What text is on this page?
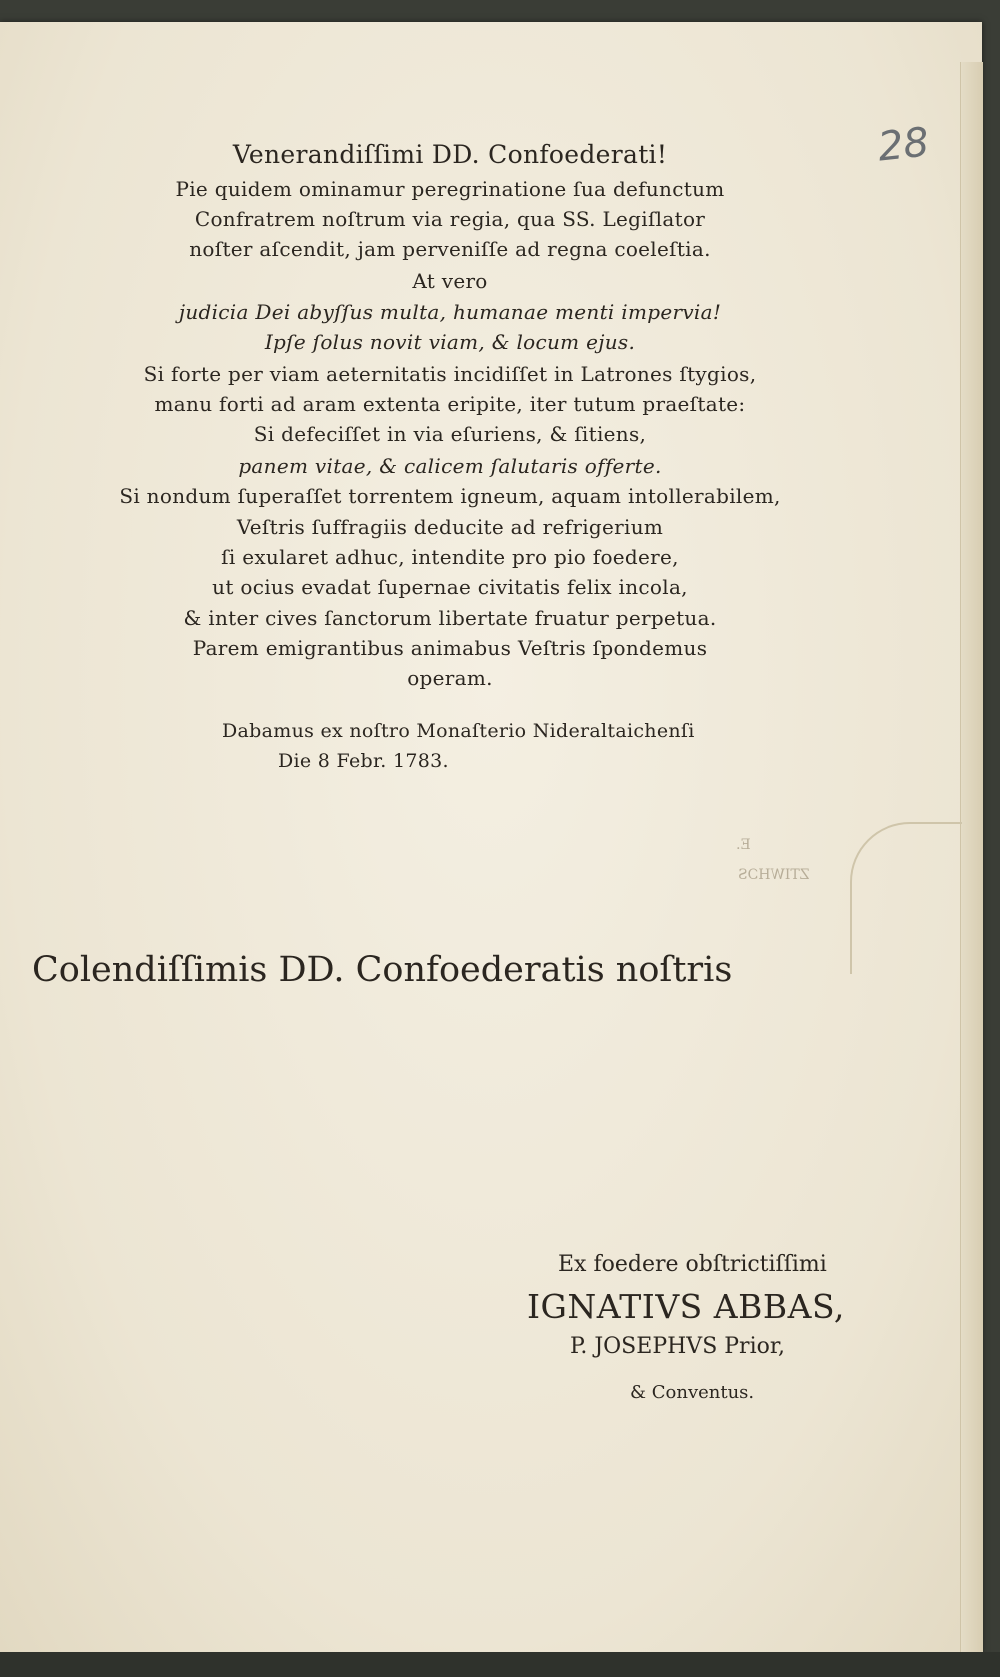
28
Venerandiſſimi DD. Confoederati!
Pie quidem ominamur peregrinatione ſua defunctum
Confratrem noſtrum via regia, qua SS. Legiſlator
noſter aſcendit, jam perveniſſe ad regna coeleſtia.
At vero
judicia Dei abyſſus multa, humanae menti impervia!
Ipſe ſolus novit viam, & locum ejus.
Si forte per viam aeternitatis incidiſſet in Latrones ſtygios,
manu forti ad aram extenta eripite, iter tutum praeſtate:
Si defeciſſet in via eſuriens, & ſitiens,
panem vitae, & calicem ſalutaris offerte.
Si nondum ſuperaſſet torrentem igneum, aquam intollerabilem,
Veſtris ſuffragiis deducite ad refrigerium
ſi exularet adhuc, intendite pro pio foedere,
ut ocius evadat ſupernae civitatis felix incola,
& inter cives ſanctorum libertate fruatur perpetua.
Parem emigrantibus animabus Veſtris ſpondemus
operam.
Dabamus ex noſtro Monaſterio Nideraltaichenſi
Die 8 Febr. 1783.
E.
ZTIWHƆS
Colendiſſimis DD. Confoederatis noſtris
Ex foedere obſtrictiſſimi
IGNATIVS ABBAS,
P. JOSEPHVS Prior,
& Conventus.
